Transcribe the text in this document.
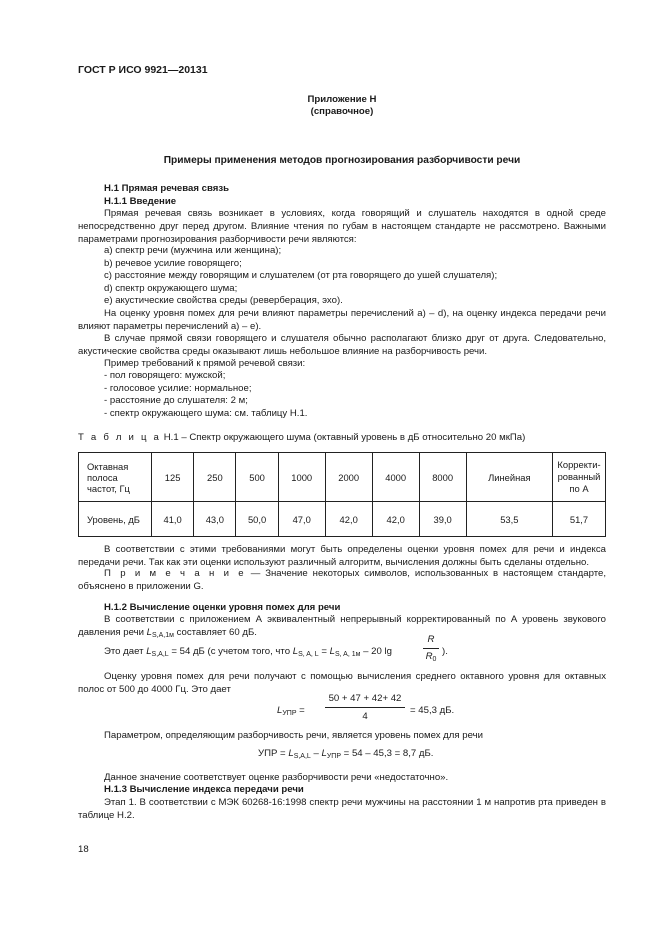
ГОСТ Р ИСО 9921—20131
Приложение Н
(справочное)
Примеры применения методов прогнозирования разборчивости речи
Н.1 Прямая речевая связь
Н.1.1 Введение
Прямая речевая связь возникает в условиях, когда говорящий и слушатель находятся в одной среде непосредственно друг перед другом. Влияние чтения по губам в настоящем стандарте не рассмотрено. Важными параметрами прогнозирования разборчивости речи являются:
а) спектр речи (мужчина или женщина);
b) речевое усилие говорящего;
с) расстояние между говорящим и слушателем (от рта говорящего до ушей слушателя);
d) спектр окружающего шума;
е) акустические свойства среды (реверберация, эхо).
На оценку уровня помех для речи влияют параметры перечислений а) – d), на оценку индекса передачи речи влияют параметры перечислений а) – е).
В случае прямой связи говорящего и слушателя обычно располагают близко друг от друга. Следовательно, акустические свойства среды оказывают лишь небольшое влияние на разборчивость речи.
Пример требований к прямой речевой связи:
- пол говорящего: мужской;
- голосовое усилие: нормальное;
- расстояние до слушателя: 2 м;
- спектр окружающего шума: см. таблицу Н.1.
Т а б л и ц а Н.1 – Спектр окружающего шума (октавный уровень в дБ относительно 20 мкПа)
Октавная полоса частот, Гц	125	250	500	1000	2000	4000	8000	Линейная	Корректи-рованный по А
Уровень, дБ	41,0	43,0	50,0	47,0	42,0	42,0	39,0	53,5	51,7
В соответствии с этими требованиями могут быть определены оценки уровня помех для речи и индекса передачи речи. Так как эти оценки используют различный алгоритм, вычисления должны быть сделаны отдельно.
П р и м е ч а н и е — Значение некоторых символов, использованных в настоящем стандарте, объяснено в приложении G.
Н.1.2 Вычисление оценки уровня помех для речи
В соответствии с приложением А эквивалентный непрерывный корректированный по А уровень звукового давления речи $L_{S,A,1м}$ составляет 60 дБ.
Это дает $L_{S,A,L} = 54$ дБ (с учетом того, что $L_{S, A, L} = L_{S, A, 1м} - 20$ lg
R
$R_0$
).
Оценку уровня помех для речи получают с помощью вычисления среднего октавного уровня для октавных полос от 500 до 4000 Гц. Это дает
$L_{УПР}$ =
50 + 47 + 42+ 42
4
= 45,3 дБ.
Параметром, определяющим разборчивость речи, является уровень помех для речи
УПР = $L_{S,A,L} - L_{УПР} = 54 - 45,3 = 8,7$ дБ.
Данное значение соответствует оценке разборчивости речи «недостаточно».
Н.1.3 Вычисление индекса передачи речи
Этап 1. В соответствии с МЭК 60268-16:1998 спектр речи мужчины на расстоянии 1 м напротив рта приведен в таблице Н.2.
18
